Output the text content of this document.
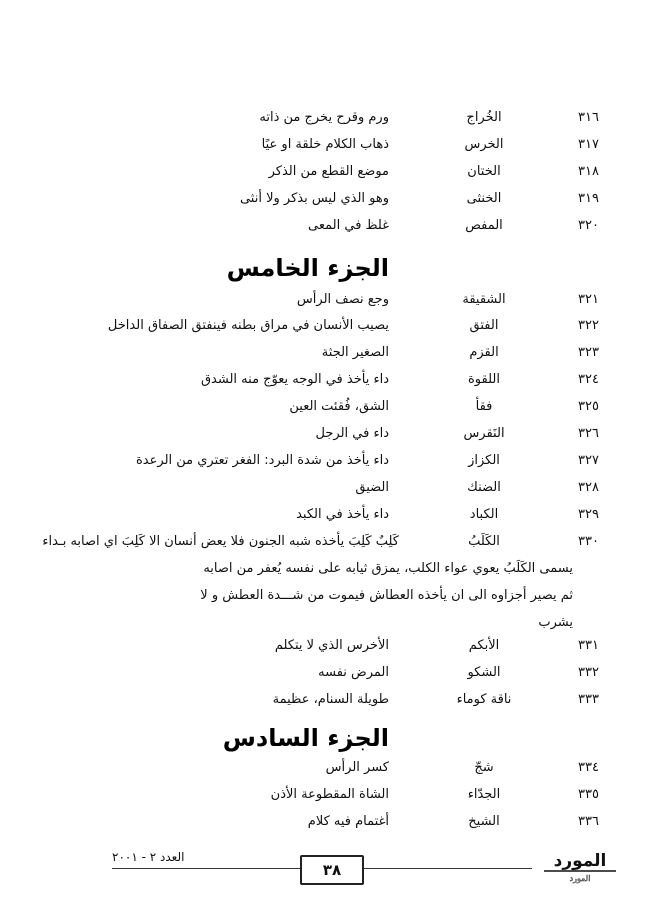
٣١٦
الخُراج
ورم وقرح يخرج من ذاته
٣١٧
الخرس
ذهاب الكلام خلقة او عيًا
٣١٨
الختان
موضع القطع من الذكر
٣١٩
الخنثى
وهو الذي ليس بذكر ولا أنثى
٣٢٠
المفص
غلظ في المعى
الجزء الخامس
٣٢١
الشقيقة
وجع نصف الرأس
٣٢٢
الفتق
يصيب الأنسان في مراق بطنه فينفتق الصفاق الداخل
٣٢٣
القزم
الصغير الجثة
٣٢٤
اللقوة
داء يأخذ في الوجه يعوّج منه الشدق
٣٢٥
فقأ
الشق، فُقئت العين
٣٢٦
النَقرس
داء في الرجل
٣٢٧
الكزاز
داء يأخذ من شدة البرد: الفغر تعتري من الرعدة
٣٢٨
الضنك
الضيق
٣٢٩
الكباد
داء يأخذ في الكبد
٣٣٠
الكَلَبُ
كَلِبٌ كَلِبَ يأخذه شبه الجنون فلا يعض أنسان الا كَلِبَ اي اصابه بـداء
يسمى الكَلَبُ يعوي عواء الكلب، يمزق ثيابه على نفسه يُعفر من اصابه
ثم يصير أجزاوه الى ان يأخذه العطاش فيموت من شـــدة العطش و لا
يشرب
٣٣١
الأبكم
الأخرس الذي لا يتكلم
٣٣٢
الشكو
المرض نفسه
٣٣٣
ناقة كوماء
طويلة السنام، عظيمة
الجزء السادس
٣٣٤
شجّ
كسر الرأس
٣٣٥
الجدّاء
الشاة المقطوعة الأذن
٣٣٦
الشيخ
أغتمام فيه كلام
العدد ٢ - ٢٠٠١
٣٨	المورد
المورد
